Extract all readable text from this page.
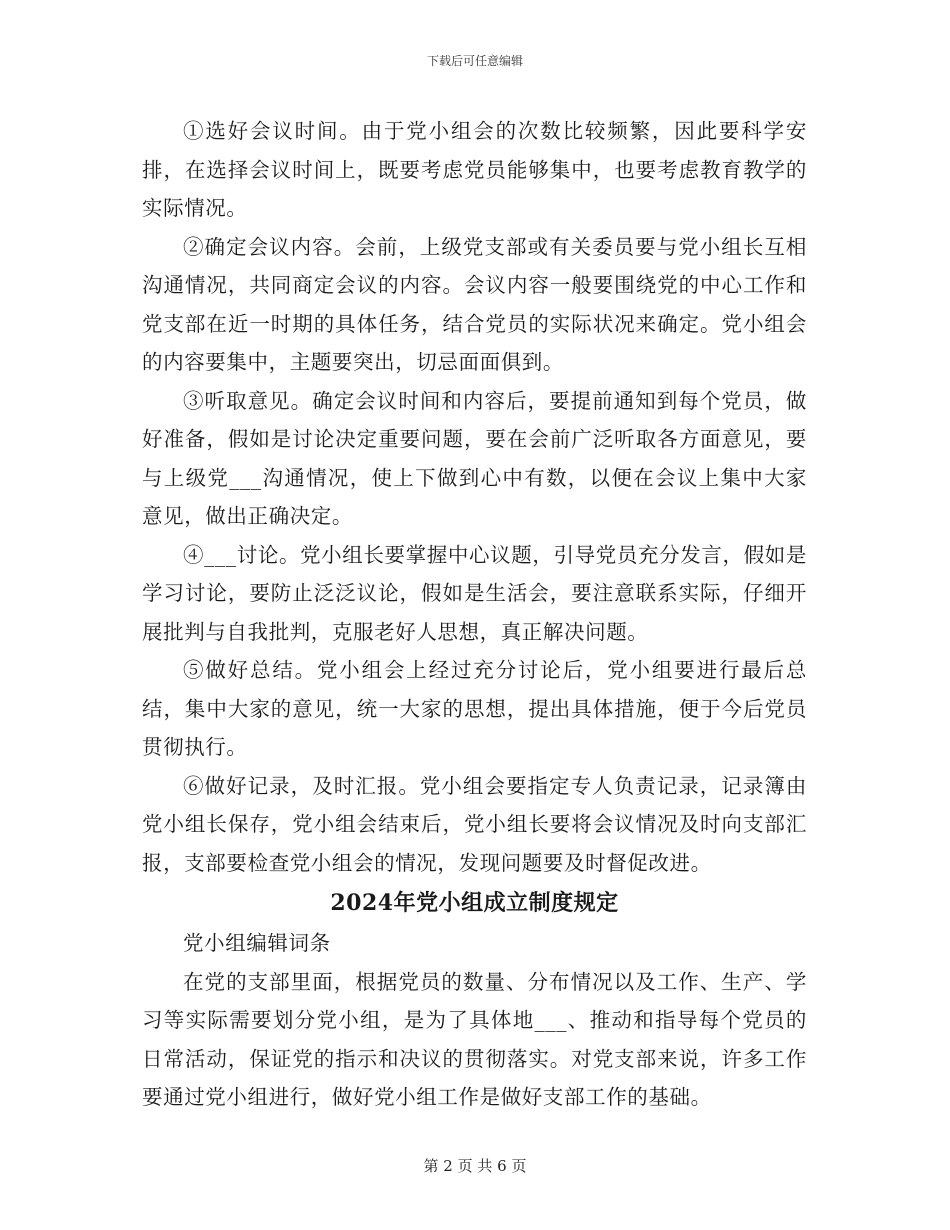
下载后可任意编辑

①选好会议时间。由于党小组会的次数比较频繁，因此要科学安排，在选择会议时间上，既要考虑党员能够集中，也要考虑教育教学的实际情况。

②确定会议内容。会前，上级党支部或有关委员要与党小组长互相沟通情况，共同商定会议的内容。会议内容一般要围绕党的中心工作和党支部在近一时期的具体任务，结合党员的实际状况来确定。党小组会的内容要集中，主题要突出，切忌面面俱到。

③听取意见。确定会议时间和内容后，要提前通知到每个党员，做好准备，假如是讨论决定重要问题，要在会前广泛听取各方面意见，要与上级党___沟通情况，使上下做到心中有数，以便在会议上集中大家意见，做出正确决定。

④___讨论。党小组长要掌握中心议题，引导党员充分发言，假如是学习讨论，要防止泛泛议论，假如是生活会，要注意联系实际，仔细开展批判与自我批判，克服老好人思想，真正解决问题。

⑤做好总结。党小组会上经过充分讨论后，党小组要进行最后总结，集中大家的意见，统一大家的思想，提出具体措施，便于今后党员贯彻执行。

⑥做好记录，及时汇报。党小组会要指定专人负责记录，记录簿由党小组长保存，党小组会结束后，党小组长要将会议情况及时向支部汇报，支部要检查党小组会的情况，发现问题要及时督促改进。

2024年党小组成立制度规定

党小组编辑词条

在党的支部里面，根据党员的数量、分布情况以及工作、生产、学习等实际需要划分党小组，是为了具体地___、推动和指导每个党员的日常活动，保证党的指示和决议的贯彻落实。对党支部来说，许多工作要通过党小组进行，做好党小组工作是做好支部工作的基础。

第 2 页 共 6 页
